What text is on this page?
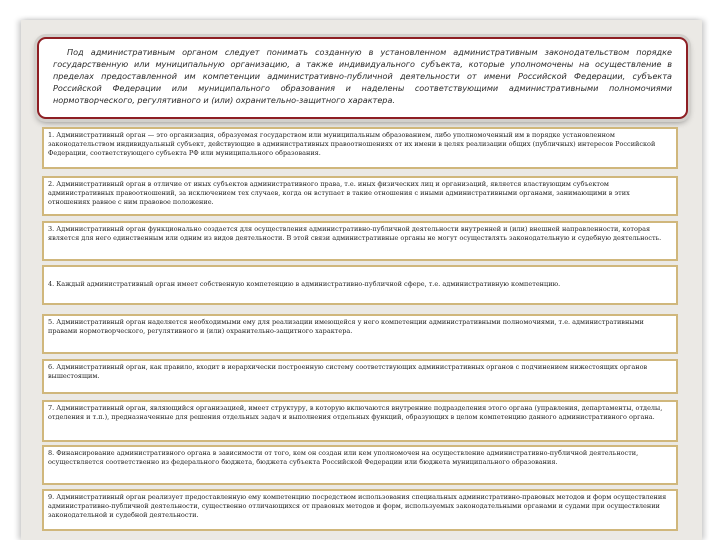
Под административным органом следует понимать созданную в установленном административным законодательством порядке государственную или муниципальную организацию, а также индивидуального субъекта, которые уполномочены на осуществление в пределах предоставленной им компетенции административно-публичной деятельности от имени Российской Федерации, субъекта Российской Федерации или муниципального образования и наделены соответствующими административными полномочиями нормотворческого, регулятивного и (или) охранительно-защитного характера.

1. Административный орган — это организация, образуемая государством или муниципальным образованием, либо уполномоченный им в порядке установленном законодательством индивидуальный субъект, действующие в административных правоотношениях от их имени в целях реализации общих (публичных) интересов Российской Федерации, соответствующего субъекта РФ или муниципального образования.
2. Административный орган в отличие от иных субъектов административного права, т.е. иных физических лиц и организаций, является властвующим субъектом административных правоотношений, за исключением тех случаев, когда он вступает в такие отношения с иными административными органами, занимающими в этих отношениях равное с ним правовое положение.
3. Административный орган функционально создается для осуществления административно-публичной деятельности внутренней и (или) внешней направленности, которая является для него единственным или одним из видов деятельности. В этой связи административные органы не могут осуществлять законодательную и судебную деятельность.
4. Каждый административный орган имеет собственную компетенцию в административно-публичной сфере, т.е. административную компетенцию.
5. Административный орган наделяется необходимыми ему для реализации имеющейся у него компетенции административными полномочиями, т.е. административными правами нормотворческого, регулятивного и (или) охранительно-защитного характера.
6. Административный орган, как правило, входит в иерархически построенную систему соответствующих административных органов с подчинением нижестоящих органов вышестоящим.
7. Административный орган, являющийся организацией, имеет структуру, в которую включаются внутренние подразделения этого органа (управления, департаменты, отделы, отделения и т.п.), предназначенные для решения отдельных задач и выполнения отдельных функций, образующих в целом компетенцию данного административного органа.
8. Финансирование административного органа в зависимости от того, кем он создан или кем уполномочен на осуществление административно-публичной деятельности, осуществляется соответственно из федерального бюджета, бюджета субъекта Российской Федерации или бюджета муниципального образования.
9. Административный орган реализует предоставленную ему компетенцию посредством использования специальных административно-правовых методов и форм осуществления административно-публичной деятельности, существенно отличающихся от правовых методов и форм, используемых законодательными органами и судами при осуществлении законодательной и судебной деятельности.
